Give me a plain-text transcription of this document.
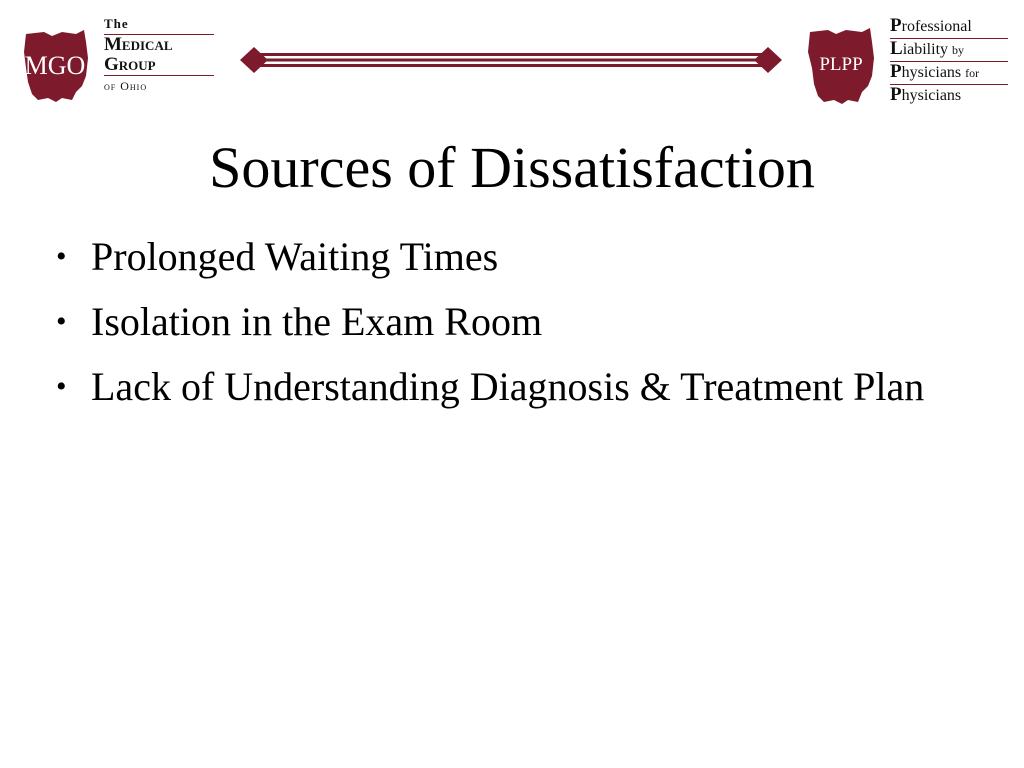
MGO
The
Medical
Group
of Ohio
PLPP
Professional
Liability by
Physicians for
Physicians
Sources of Dissatisfaction
• Prolonged Waiting Times
• Isolation in the Exam Room
• Lack of Understanding Diagnosis & Treatment Plan
